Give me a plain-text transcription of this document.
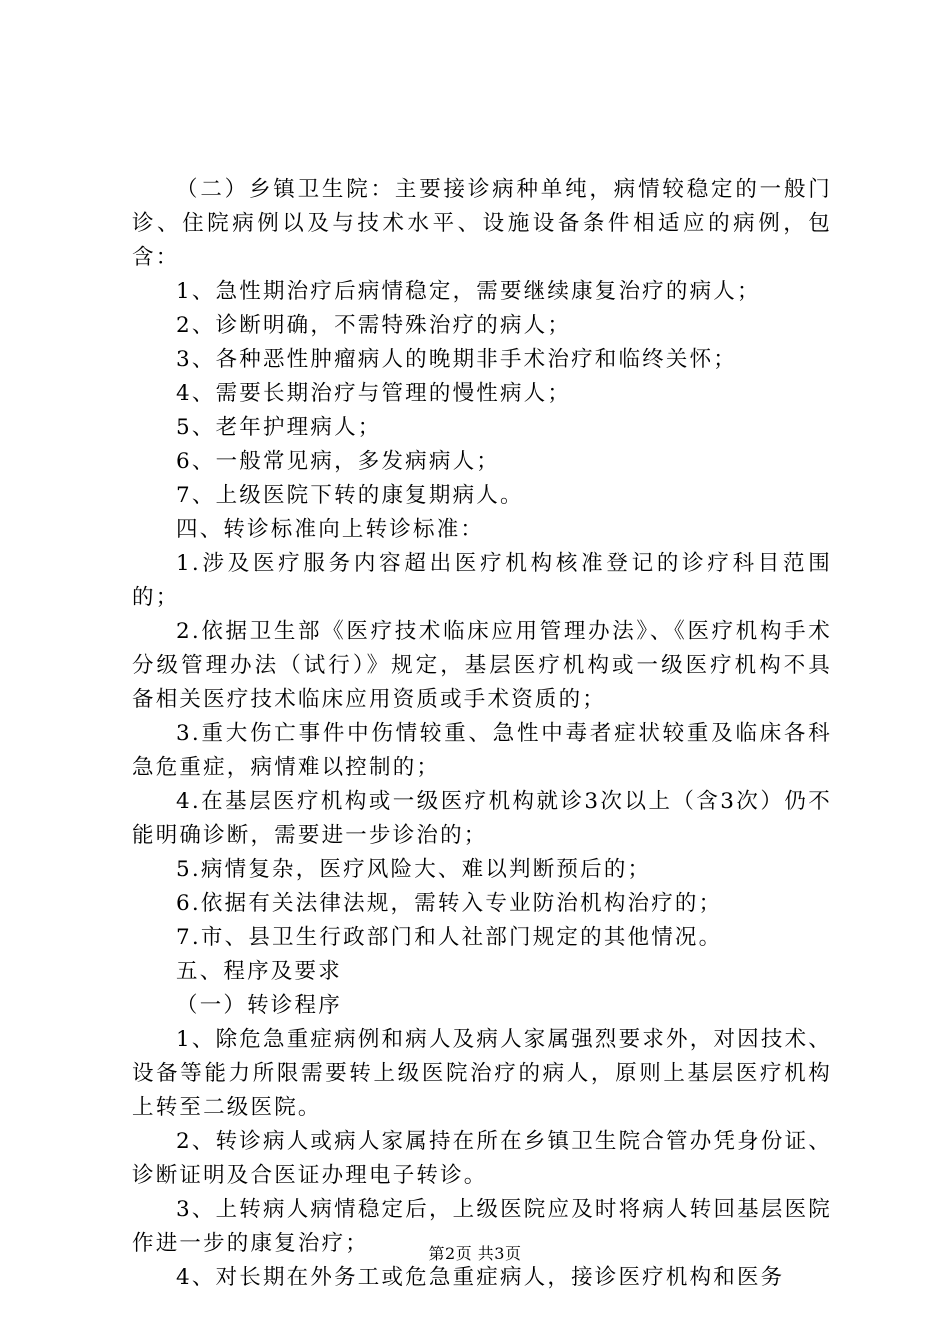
（二）乡镇卫生院：主要接诊病种单纯，病情较稳定的一般门诊、住院病例以及与技术水平、设施设备条件相适应的病例，包含：

1、急性期治疗后病情稳定，需要继续康复治疗的病人；

2、诊断明确，不需特殊治疗的病人；

3、各种恶性肿瘤病人的晚期非手术治疗和临终关怀；

4、需要长期治疗与管理的慢性病人；

5、老年护理病人；

6、一般常见病，多发病病人；

7、上级医院下转的康复期病人。

四、转诊标准向上转诊标准：

1.涉及医疗服务内容超出医疗机构核准登记的诊疗科目范围的；

2.依据卫生部《医疗技术临床应用管理办法》、《医疗机构手术分级管理办法（试行）》规定，基层医疗机构或一级医疗机构不具备相关医疗技术临床应用资质或手术资质的；

3.重大伤亡事件中伤情较重、急性中毒者症状较重及临床各科急危重症，病情难以控制的；

4.在基层医疗机构或一级医疗机构就诊3次以上（含3次）仍不能明确诊断，需要进一步诊治的；

5.病情复杂，医疗风险大、难以判断预后的；

6.依据有关法律法规，需转入专业防治机构治疗的；

7.市、县卫生行政部门和人社部门规定的其他情况。

五、程序及要求

（一）转诊程序

1、除危急重症病例和病人及病人家属强烈要求外，对因技术、设备等能力所限需要转上级医院治疗的病人，原则上基层医疗机构上转至二级医院。

2、转诊病人或病人家属持在所在乡镇卫生院合管办凭身份证、诊断证明及合医证办理电子转诊。

3、上转病人病情稳定后，上级医院应及时将病人转回基层医院作进一步的康复治疗；

4、对长期在外务工或危急重症病人，接诊医疗机构和医务

第2页 共3页
